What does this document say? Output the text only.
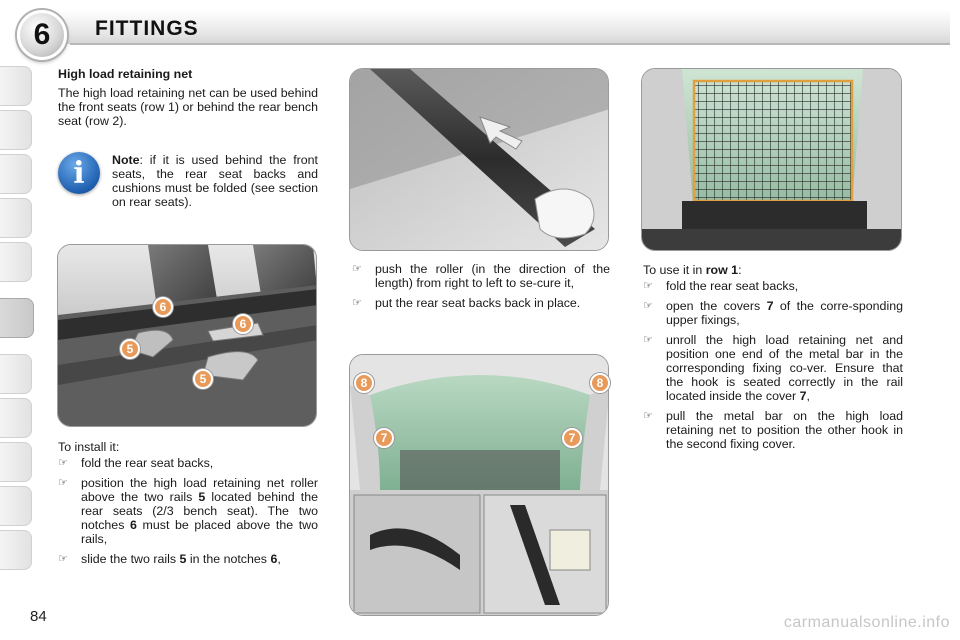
6	FITTINGS
High load retaining net
The high load retaining net can be used behind the front seats (row 1) or behind the rear bench seat (row 2).
i	Note: if it is used behind the front seats, the rear seat backs and cushions must be folded (see section on rear seats).
6
6
5
5
To install it:
☞ fold the rear seat backs,
☞ position the high load retaining net roller above the two rails 5 located behind the rear seats (2/3 bench seat). The two notches 6 must be placed above the two rails,
☞ slide the two rails 5 in the notches 6,
☞ push the roller (in the direction of the length) from right to left to se-cure it,
☞ put the rear seat backs back in place.
8	8
7	7
To use it in row 1:
☞ fold the rear seat backs,
☞ open the covers 7 of the corre-sponding upper fixings,
☞ unroll the high load retaining net and position one end of the metal bar in the corresponding fixing co-ver. Ensure that the hook is seated correctly in the rail located inside the cover 7,
☞ pull the metal bar on the high load retaining net to position the other hook in the second fixing cover.
84	carmanualsonline.info
